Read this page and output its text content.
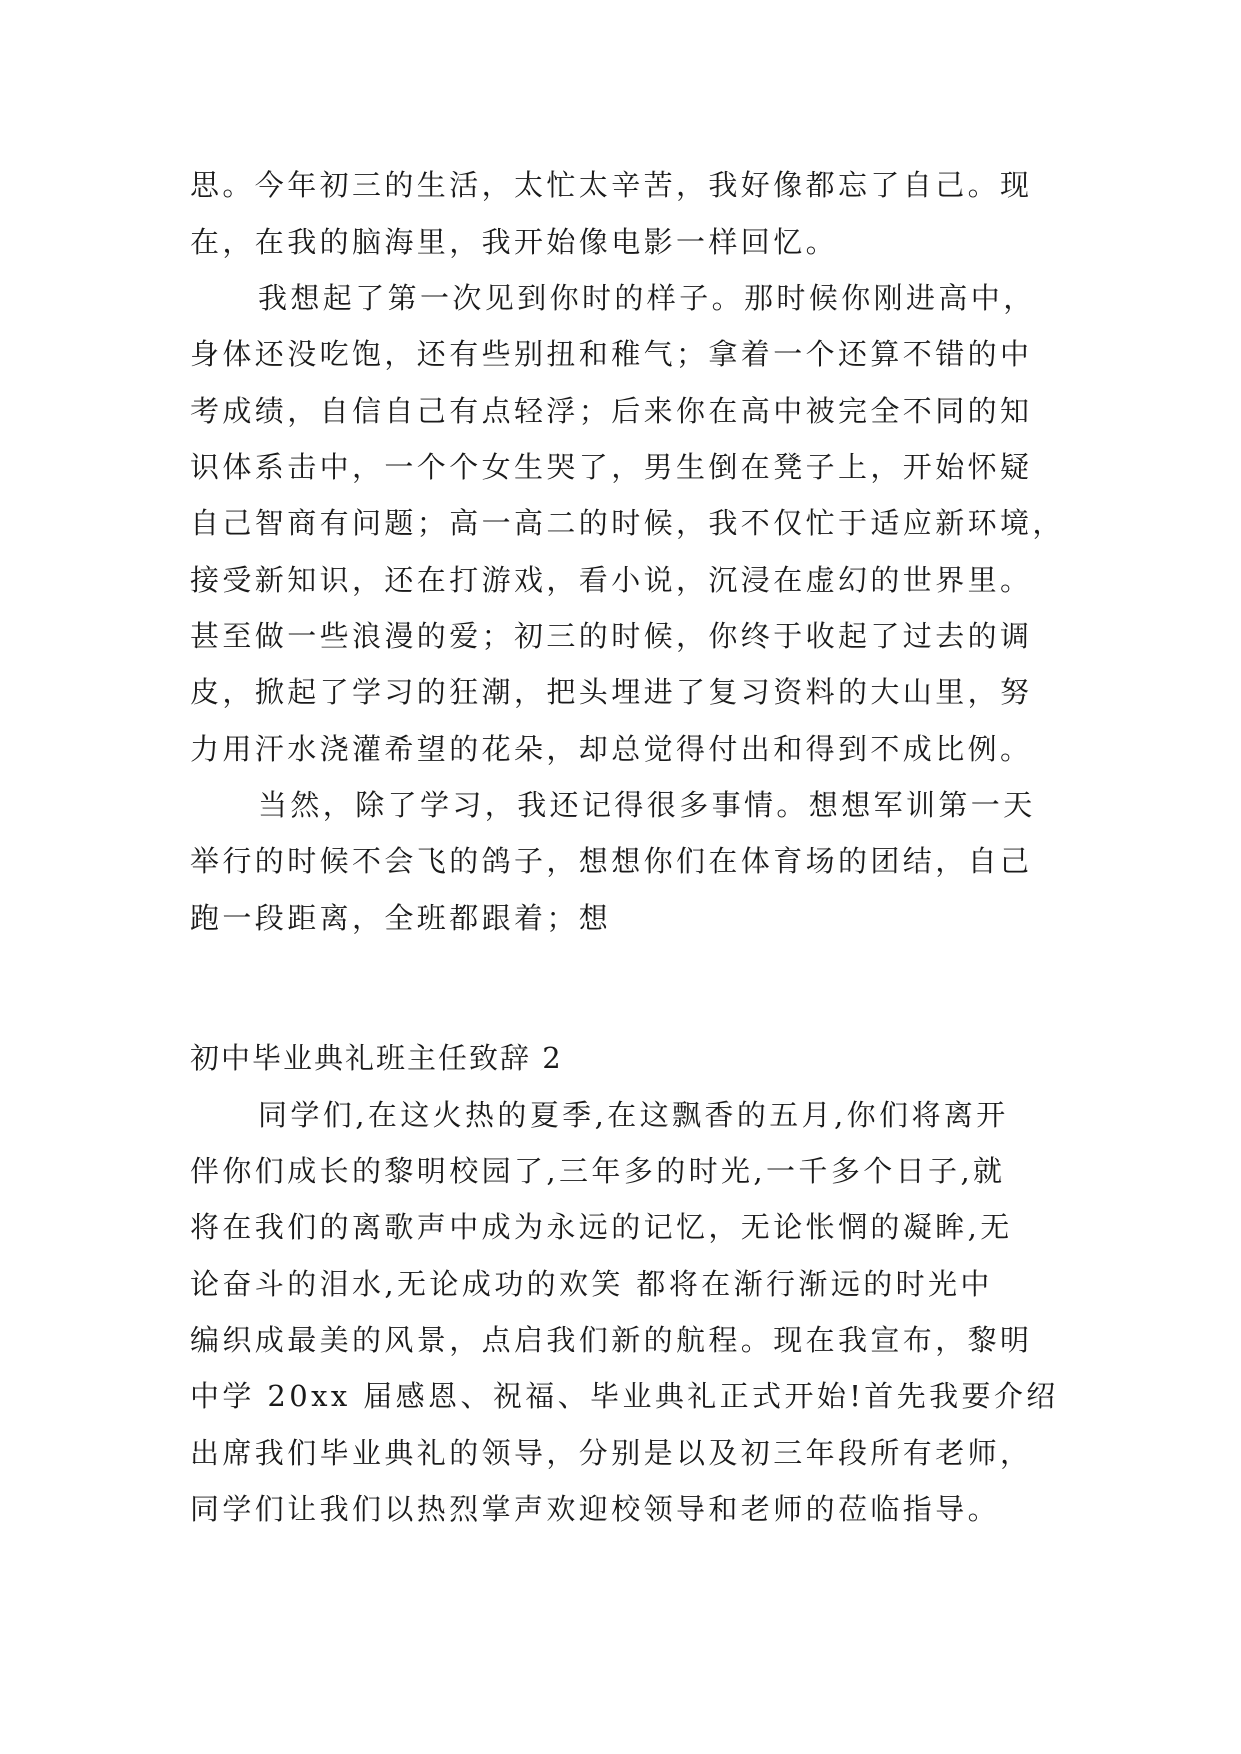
思。今年初三的生活，太忙太辛苦，我好像都忘了自己。现
在，在我的脑海里，我开始像电影一样回忆。
我想起了第一次见到你时的样子。那时候你刚进高中，
身体还没吃饱，还有些别扭和稚气；拿着一个还算不错的中
考成绩，自信自己有点轻浮；后来你在高中被完全不同的知
识体系击中，一个个女生哭了，男生倒在凳子上，开始怀疑
自己智商有问题；高一高二的时候，我不仅忙于适应新环境，
接受新知识，还在打游戏，看小说，沉浸在虚幻的世界里。
甚至做一些浪漫的爱；初三的时候，你终于收起了过去的调
皮，掀起了学习的狂潮，把头埋进了复习资料的大山里，努
力用汗水浇灌希望的花朵，却总觉得付出和得到不成比例。
当然，除了学习，我还记得很多事情。想想军训第一天
举行的时候不会飞的鸽子，想想你们在体育场的团结，自己
跑一段距离，全班都跟着；想
初中毕业典礼班主任致辞 2
同学们,在这火热的夏季,在这飘香的五月,你们将离开
伴你们成长的黎明校园了,三年多的时光,一千多个日子,就
将在我们的离歌声中成为永远的记忆，无论怅惘的凝眸,无
论奋斗的泪水,无论成功的欢笑 都将在渐行渐远的时光中
编织成最美的风景，点启我们新的航程。现在我宣布，黎明
中学 20xx 届感恩、祝福、毕业典礼正式开始!首先我要介绍
出席我们毕业典礼的领导，分别是以及初三年段所有老师，
同学们让我们以热烈掌声欢迎校领导和老师的莅临指导。
